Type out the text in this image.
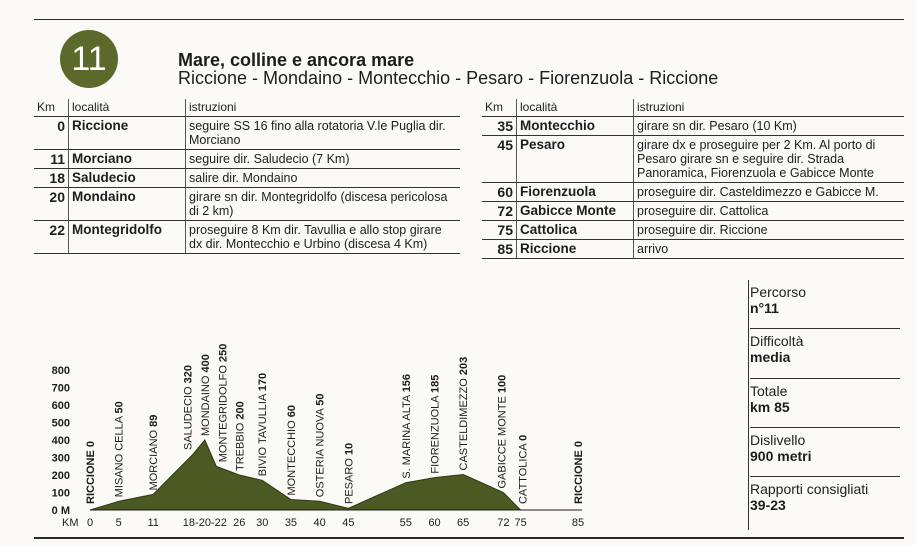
11	Mare, colline e ancora mare
Riccione - Mondaino - Montecchio - Pesaro - Fiorenzuola - Riccione
Km	località	istruzioni
0	Riccione	seguire SS 16 fino alla rotatoria V.le Puglia dir. Morciano
11	Morciano	seguire dir. Saludecio (7 Km)
18	Saludecio	salire dir. Mondaino
20	Mondaino	girare sn dir. Montegridolfo (discesa pericolosa di 2 km)
22	Montegridolfo	proseguire 8 Km dir. Tavullia e allo stop girare dx dir. Montecchio e Urbino (discesa 4 Km)
Km	località	istruzioni
35	Montecchio	girare sn dir. Pesaro (10 Km)
45	Pesaro	girare dx e proseguire per 2 Km. Al porto di Pesaro girare sn e seguire dir. Strada Panoramica, Fiorenzuola e Gabicce Monte
60	Fiorenzuola	proseguire dir. Casteldimezzo e Gabicce M.
72	Gabicce Monte	proseguire dir. Cattolica
75	Cattolica	proseguire dir. Riccione
85	Riccione	arrivo
Percorso
n°11
Difficoltà
media
Totale
km 85
Dislivello
900 metri
Rapporti consigliati
39-23
0 M
100
200
300
400
500
600
700
800
KM 0 5 11 18-20-22 26 30 35 40 45	55 60 65	72 75	85
RICCIONE 0 MISANO CELLA 50
MORCIANO 89 SALUDECIO 320 MONDAINO 400 MONTEGRIDOLFO 250
TREBBIO 200 BIVIO TAVULLIA 170
MONTECCHIO 60 OSTERIA NUOVA 50
PESARO 10	S. MARINA ALTA 156
FIORENZUOLA 185 CASTELDIMEZZO 203
GABICCE MONTE 100
CATTOLICA 0
RICCIONE 0
